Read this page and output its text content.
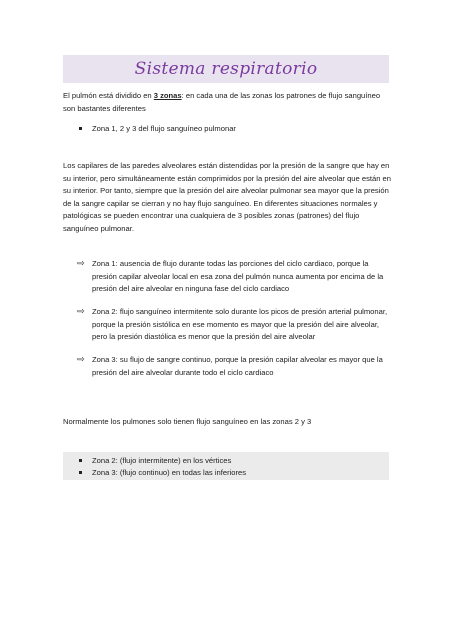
Sistema respiratorio
El pulmón está dividido en 3 zonas: en cada una de las zonas los patrones de flujo sanguíneo son bastantes diferentes
Zona 1, 2 y 3 del flujo sanguíneo pulmonar
Los capilares de las paredes alveolares están distendidas por la presión de la sangre que hay en su interior, pero simultáneamente están comprimidos por la presión del aire alveolar que están en su interior. Por tanto, siempre que la presión del aire alveolar pulmonar sea mayor que la presión de la sangre capilar se cierran y no hay flujo sanguíneo. En diferentes situaciones normales y patológicas se pueden encontrar una cualquiera de 3 posibles zonas (patrones) del flujo sanguíneo pulmonar.
⇨ Zona 1: ausencia de flujo durante todas las porciones del ciclo cardiaco, porque la presión capilar alveolar local en esa zona del pulmón nunca aumenta por encima de la presión del aire alveolar en ninguna fase del ciclo cardiaco
⇨ Zona 2: flujo sanguíneo intermitente solo durante los picos de presión arterial pulmonar, porque la presión sistólica en ese momento es mayor que la presión del aire alveolar, pero la presión diastólica es menor que la presión del aire alveolar
⇨ Zona 3: su flujo de sangre continuo, porque la presión capilar alveolar es mayor que la presión del aire alveolar durante todo el ciclo cardiaco
Normalmente los pulmones solo tienen flujo sanguíneo en las zonas 2 y 3
Zona 2: (flujo intermitente) en los vértices
Zona 3: (flujo continuo) en todas las inferiores
